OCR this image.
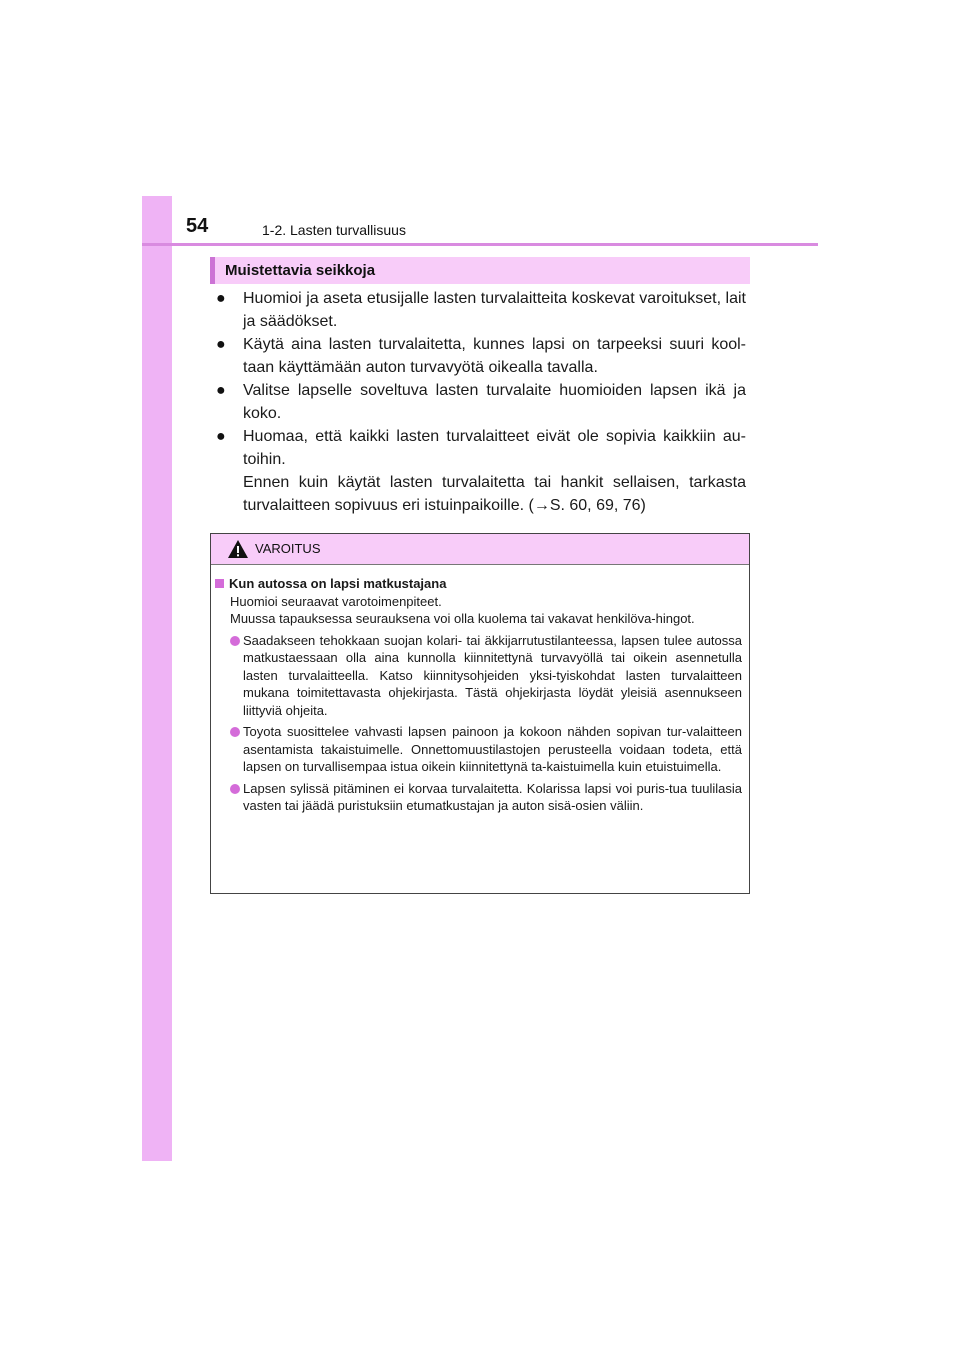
54	1-2. Lasten turvallisuus
Muistettavia seikkoja
● Huomioi ja aseta etusijalle lasten turvalaitteita koskevat varoitukset, lait ja säädökset.

● Käytä aina lasten turvalaitetta, kunnes lapsi on tarpeeksi suuri kool-taan käyttämään auton turvavyötä oikealla tavalla.

● Valitse lapselle soveltuva lasten turvalaite huomioiden lapsen ikä ja koko.

● Huomaa, että kaikki lasten turvalaitteet eivät ole sopivia kaikkiin au-toihin.

Ennen kuin käytät lasten turvalaitetta tai hankit sellaisen, tarkasta turvalaitteen sopivuus eri istuinpaikoille. (→S. 60, 69, 76)

VAROITUS
Kun autossa on lapsi matkustajana

Huomioi seuraavat varotoimenpiteet.

Muussa tapauksessa seurauksena voi olla kuolema tai vakavat henkilöva-hingot.

Saadakseen tehokkaan suojan kolari- tai äkkijarrutustilanteessa, lapsen tulee autossa matkustaessaan olla aina kunnolla kiinnitettynä turvavyöllä tai oikein asennetulla lasten turvalaitteella. Katso kiinnitysohjeiden yksi-tyiskohdat lasten turvalaitteen mukana toimitettavasta ohjekirjasta. Tästä ohjekirjasta löydät yleisiä asennukseen liittyviä ohjeita.

Toyota suosittelee vahvasti lapsen painoon ja kokoon nähden sopivan tur-valaitteen asentamista takaistuimelle. Onnettomuustilastojen perusteella voidaan todeta, että lapsen on turvallisempaa istua oikein kiinnitettynä ta-kaistuimella kuin etuistuimella.

Lapsen sylissä pitäminen ei korvaa turvalaitetta. Kolarissa lapsi voi puris-tua tuulilasia vasten tai jäädä puristuksiin etumatkustajan ja auton sisä-osien väliin.
